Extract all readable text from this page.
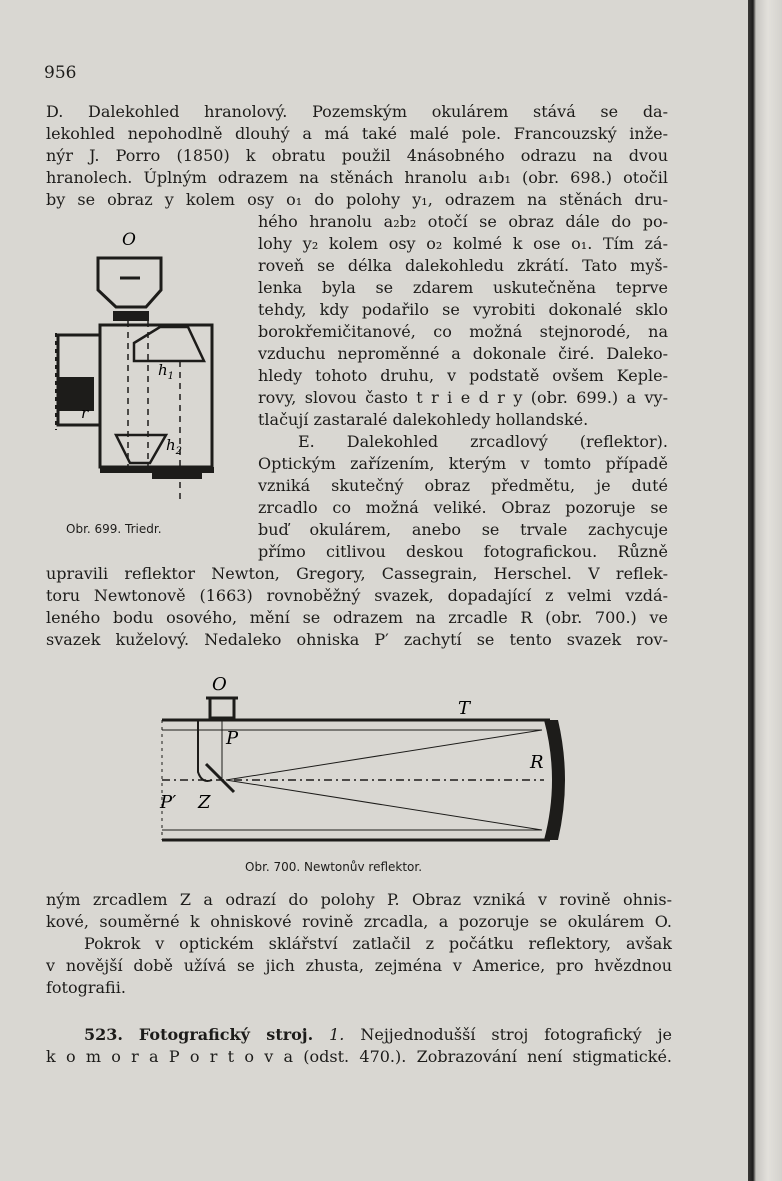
956
D. Dalekohled hranolový. Pozemským okulárem stává se da-
lekohled nepohodlně dlouhý a má také malé pole. Francouzský inže-
nýr J. Porro (1850) k obratu použil 4násobného odrazu na dvou
hranolech. Úplným odrazem na stěnách hranolu a₁b₁ (obr. 698.) otočil
by se obraz y kolem osy o₁ do polohy y₁, odrazem na stěnách dru-
hého hranolu a₂b₂ otočí se obraz dále do po-
lohy y₂ kolem osy o₂ kolmé k ose o₁. Tím zá-
roveň se délka dalekohledu zkrátí. Tato myš-
lenka byla se zdarem uskutečněna teprve
tehdy, kdy podařilo se vyrobiti dokonalé sklo
borokřemičitanové, co možná stejnorodé, na
vzduchu neproměnné a dokonale čiré. Daleko-
hledy tohoto druhu, v podstatě ovšem Keple-
rovy, slovou často t r i e d r y (obr. 699.) a vy-
tlačují zastaralé dalekohledy hollandské.
E. Dalekohled zrcadlový (reflektor).
Optickým zařízením, kterým v tomto případě
vzniká skutečný obraz předmětu, je duté
zrcadlo co možná veliké. Obraz pozoruje se
buď okulárem, anebo se trvale zachycuje
přímo citlivou deskou fotografickou. Různě
upravili reflektor Newton, Gregory, Cassegrain, Herschel. V reflek-
toru Newtonově (1663) rovnoběžný svazek, dopadající z velmi vzdá-
leného bodu osového, mění se odrazem na zrcadle R (obr. 700.) ve
svazek kuželový. Nedaleko ohniska P′ zachytí se tento svazek rov-
O
$h_1$
$h_2$
r
Obr. 699. Triedr.
O
T
R
P
P′ Z
Obr. 700. Newtonův reflektor.
ným zrcadlem Z a odrazí do polohy P. Obraz vzniká v rovině ohnis-
kové, souměrné k ohniskové rovině zrcadla, a pozoruje se okulárem O.
Pokrok v optickém sklářství zatlačil z počátku reflektory, avšak
v novější době užívá se jich zhusta, zejména v Americe, pro hvězdnou
fotografii.
523. Fotografický stroj. 1. Nejjednodušší stroj fotografický je
k o m o r a P o r t o v a (odst. 470.). Zobrazování není stigmatické.
